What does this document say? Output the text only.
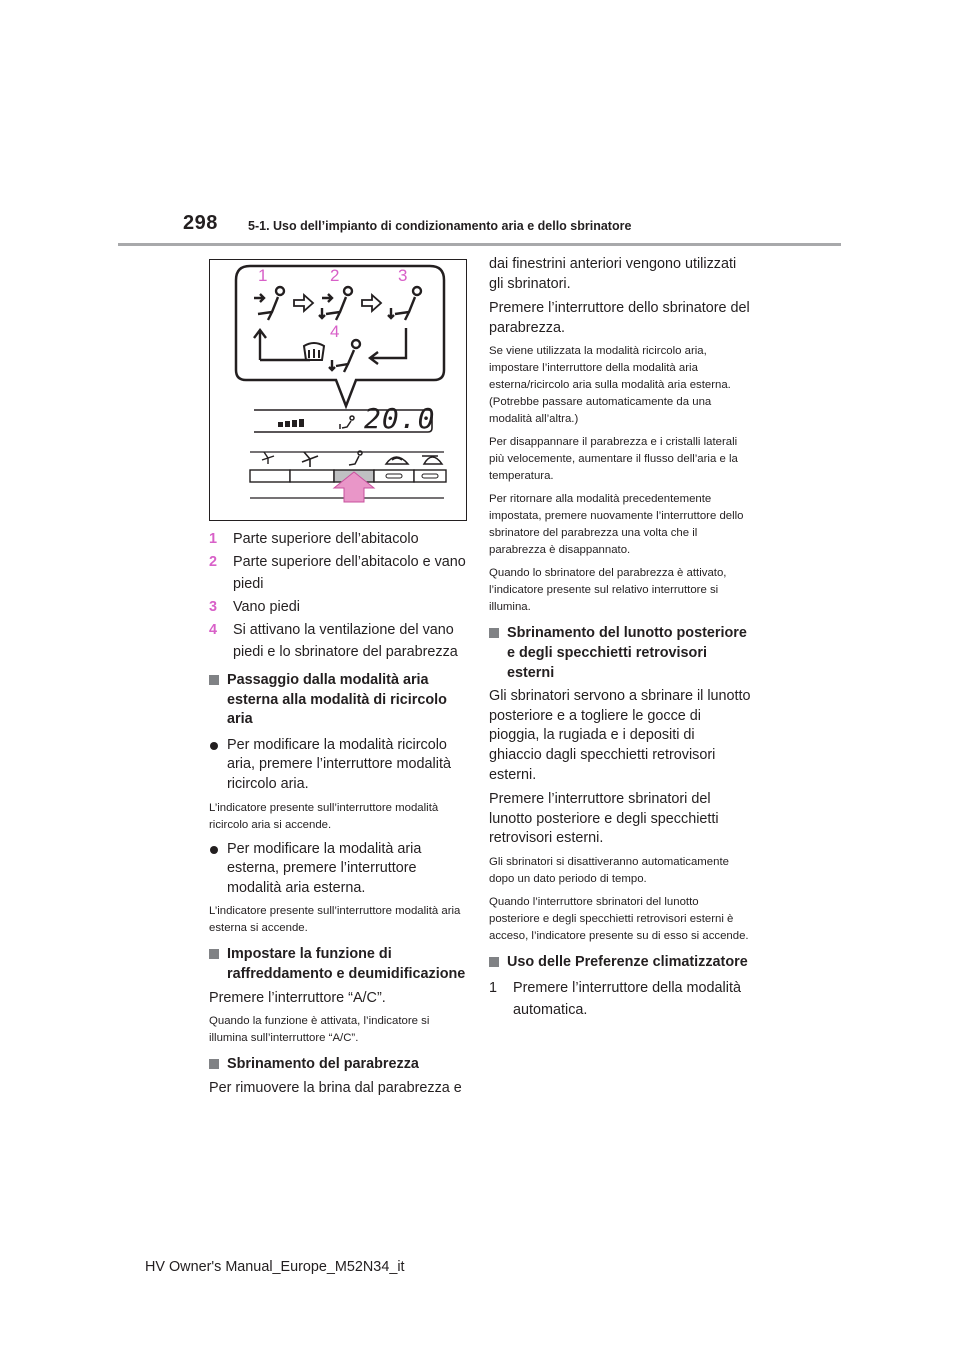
298 5-1. Uso dell’impianto di condizionamento aria e dello sbrinatore
1	2	3
4
20.0
1 Parte superiore dell’abitacolo
2 Parte superiore dell’abitacolo e vano piedi
3 Vano piedi
4 Si attivano la ventilazione del vano piedi e lo sbrinatore del parabrezza
Passaggio dalla modalità aria esterna alla modalità di ricircolo aria
Per modificare la modalità ricircolo aria, premere l’interruttore modalità ricircolo aria.

L’indicatore presente sull’interruttore modalità ricircolo aria si accende.

Per modificare la modalità aria esterna, premere l’interruttore modalità aria esterna.

L’indicatore presente sull’interruttore modalità aria esterna si accende.

Impostare la funzione di raffreddamento e deumidificazione

Premere l’interruttore “A/C”.

Quando la funzione è attivata, l’indicatore si illumina sull’interruttore “A/C”.

Sbrinamento del parabrezza

Per rimuovere la brina dal parabrezza e

dai finestrini anteriori vengono utilizzati gli sbrinatori.

Premere l’interruttore dello sbrinatore del parabrezza.

Se viene utilizzata la modalità ricircolo aria, impostare l’interruttore della modalità aria esterna/ricircolo aria sulla modalità aria esterna. (Potrebbe passare automaticamente da una modalità all’altra.)

Per disappannare il parabrezza e i cristalli laterali più velocemente, aumentare il flusso dell’aria e la temperatura.

Per ritornare alla modalità precedentemente impostata, premere nuovamente l’interruttore dello sbrinatore del parabrezza una volta che il parabrezza è disappannato.

Quando lo sbrinatore del parabrezza è attivato, l’indicatore presente sul relativo interruttore si illumina.

Sbrinamento del lunotto posteriore e degli specchietti retrovisori esterni

Gli sbrinatori servono a sbrinare il lunotto posteriore e a togliere le gocce di pioggia, la rugiada e i depositi di ghiaccio dagli specchietti retrovisori esterni.

Premere l’interruttore sbrinatori del lunotto posteriore e degli specchietti retrovisori esterni.

Gli sbrinatori si disattiveranno automaticamente dopo un dato periodo di tempo.

Quando l’interruttore sbrinatori del lunotto posteriore e degli specchietti retrovisori esterni è acceso, l’indicatore presente su di esso si accende.

Uso delle Preferenze climatizzatore
1 Premere l’interruttore della modalità automatica.
HV Owner's Manual_Europe_M52N34_it
